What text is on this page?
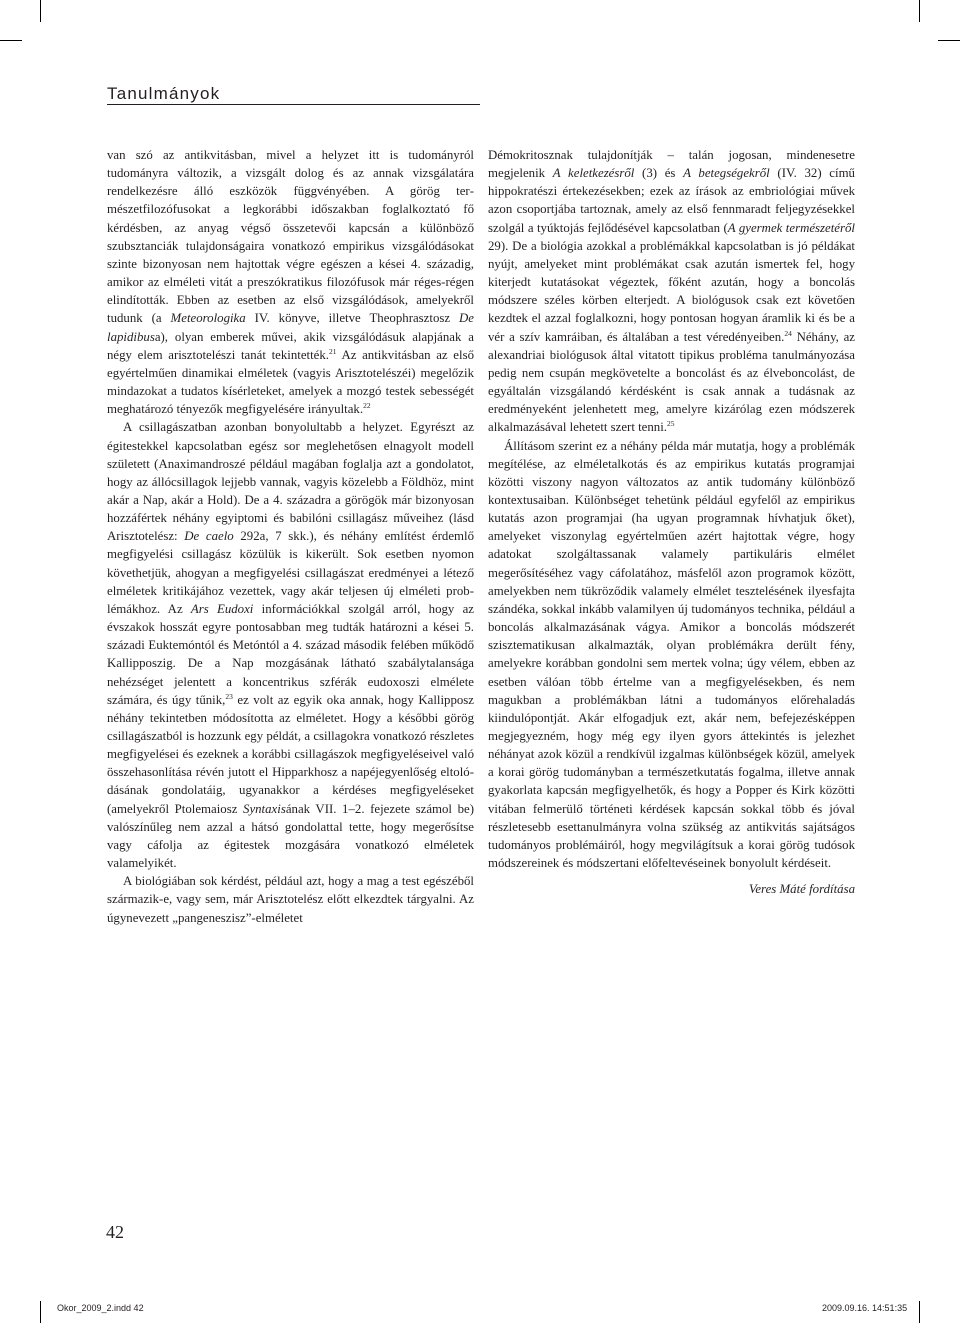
Tanulmányok

van szó az antikvitásban, mivel a helyzet itt is tudományról tudományra változik, a vizsgált dolog és az annak vizsgálatára rendelkezésre álló eszközök függvényében. A görög természetfilozófusokat a legkorábbi időszakban foglalkoztató fő kérdésben, az anyag végső összetevői kapcsán a különböző szubsztanciák tulajdonságaira vonatkozó empirikus vizsgálódásokat szinte bizonyosan nem hajtottak végre egészen a kései 4. századig, amikor az elméleti vitát a preszókratikus filozófusok már réges-régen elindították. Ebben az esetben az első vizsgálódások, amelyekről tudunk (a Meteorologika IV. könyve, illetve Theophrasztosz De lapidibusa), olyan emberek művei, akik vizsgálódásuk alapjának a négy elem arisztotelészi tanát tekintették.$^{21}$ Az antikvitásban az első egyértelműen dinamikai elméletek (vagyis Arisztotelészéi) megelőzik mindazokat a tudatos kísérleteket, amelyek a mozgó testek sebességét meghatározó tényezők megfigyelésére irányultak.$^{22}$

A csillagászatban azonban bonyolultabb a helyzet. Egyrészt az égitestekkel kapcsolatban egész sor meglehetősen elnagyolt modell született (Anaximandroszé például magában foglalja azt a gondolatot, hogy az állócsillagok lejjebb vannak, vagyis közelebb a Földhöz, mint akár a Nap, akár a Hold). De a 4. századra a görögök már bizonyosan hozzáfértek néhány egyiptomi és babilóni csillagász műveihez (lásd Arisztotelész: De caelo 292a, 7 skk.), és néhány említést érdemlő megfigyelési csillagász közülük is kikerült. Sok esetben nyomon követhetjük, ahogyan a megfigyelési csillagászat eredményei a létező elméletek kritikájához vezettek, vagy akár teljesen új elméleti problémákhoz. Az Ars Eudoxi információkkal szolgál arról, hogy az évszakok hosszát egyre pontosabban meg tudták határozni a kései 5. századi Euktemóntól és Metóntól a 4. század második felében működő Kallipposzig. De a Nap mozgásának látható szabálytalansága nehézséget jelentett a koncentrikus szférák eudoxoszi elmélete számára, és úgy tűnik,$^{23}$ ez volt az egyik oka annak, hogy Kallipposz néhány tekintetben módosította az elméletet. Hogy a későbbi görög csillagászatból is hozzunk egy példát, a csillagokra vonatkozó részletes megfigyelései és ezeknek a korábbi csillagászok megfigyeléseivel való összehasonlítása révén jutott el Hipparkhosz a napéjegyenlőség eltolódásának gondolatáig, ugyanakkor a kérdéses megfigyeléseket (amelyekről Ptolemaiosz Syntaxisának VII. 1–2. fejezete számol be) valószínűleg nem azzal a hátsó gondolattal tette, hogy megerősítse vagy cáfolja az égitestek mozgására vonatkozó elméletek valamelyikét.

A biológiában sok kérdést, például azt, hogy a mag a test egészéből származik-e, vagy sem, már Arisztotelész előtt elkezdtek tárgyalni. Az úgynevezett „pangeneszisz”-elméletet

Démokritosznak tulajdonítják – talán jogosan, mindenesetre megjelenik A keletkezésről (3) és A betegségekről (IV. 32) című hippokratészi értekezésekben; ezek az írások az embriológiai művek azon csoportjába tartoznak, amely az első fennmaradt feljegyzésekkel szolgál a tyúktojás fejlődésével kapcsolatban (A gyermek természetéről 29). De a biológia azokkal a problémákkal kapcsolatban is jó példákat nyújt, amelyeket mint problémákat csak azután ismertek fel, hogy kiterjedt kutatásokat végeztek, főként azután, hogy a boncolás módszere széles körben elterjedt. A biológusok csak ezt követően kezdtek el azzal foglalkozni, hogy pontosan hogyan áramlik ki és be a vér a szív kamráiban, és általában a test véredényeiben.$^{24}$ Néhány, az alexandriai biológusok által vitatott tipikus probléma tanulmányozása pedig nem csupán megkövetelte a boncolást és az élveboncolást, de egyáltalán vizsgálandó kérdésként is csak annak a tudásnak az eredményeként jelenhetett meg, amelyre kizárólag ezen módszerek alkalmazásával lehetett szert tenni.$^{25}$

Állításom szerint ez a néhány példa már mutatja, hogy a problémák megítélése, az elméletalkotás és az empirikus kutatás programjai közötti viszony nagyon változatos az antik tudomány különböző kontextusaiban. Különbséget tehetünk például egyfelől az empirikus kutatás azon programjai (ha ugyan programnak hívhatjuk őket), amelyeket viszonylag egyértelműen azért hajtottak végre, hogy adatokat szolgáltassanak valamely partikuláris elmélet megerősítéséhez vagy cáfolatához, másfelől azon programok között, amelyekben nem tükröződik valamely elmélet tesztelésének ilyesfajta szándéka, sokkal inkább valamilyen új tudományos technika, például a boncolás alkalmazásának vágya. Amikor a boncolás módszerét szisztematikusan alkalmazták, olyan problémákra derült fény, amelyekre korábban gondolni sem mertek volna; úgy vélem, ebben az esetben válóan több értelme van a megfigyelésekben, és nem magukban a problémákban látni a tudományos előrehaladás kiindulópontját. Akár elfogadjuk ezt, akár nem, befejezésképpen megjegyezném, hogy még egy ilyen gyors áttekintés is jelezhet néhányat azok közül a rendkívül izgalmas különbségek közül, amelyek a korai görög tudományban a természetkutatás fogalma, illetve annak gyakorlata kapcsán megfigyelhetők, és hogy a Popper és Kirk közötti vitában felmerülő történeti kérdések kapcsán sokkal több és jóval részletesebb esettanulmányra volna szükség az antikvitás sajátságos tudományos problémáiról, hogy megvilágítsuk a korai görög tudósok módszereinek és módszertani előfeltevéseinek bonyolult kérdéseit.

Veres Máté fordítása

42
Okor_2009_2.indd 42	2009.09.16. 14:51:35
